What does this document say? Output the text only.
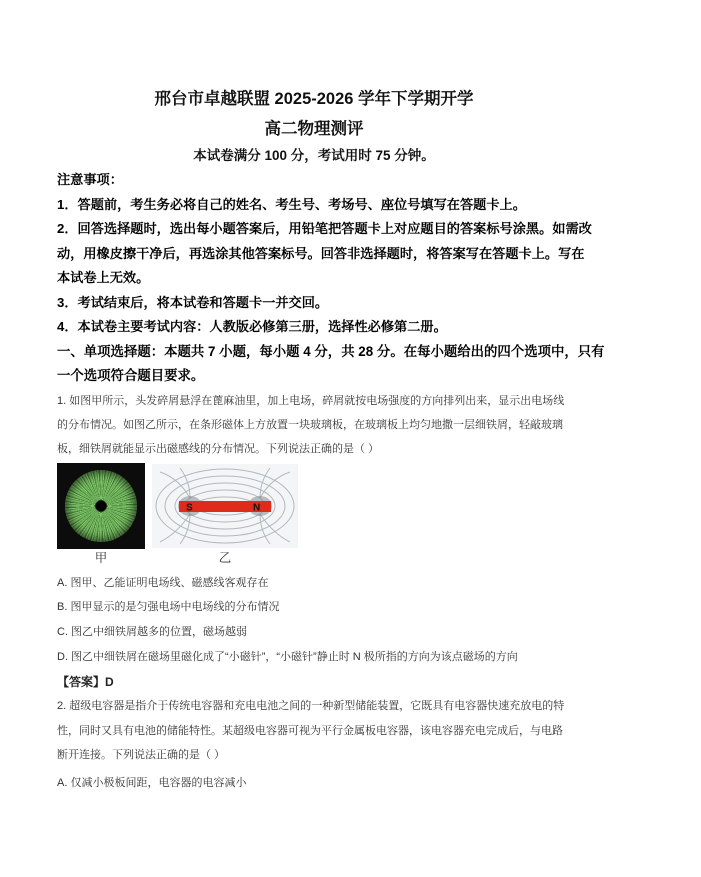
邢台市卓越联盟 2025-2026 学年下学期开学
高二物理测评
本试卷满分 100 分，考试用时 75 分钟。
注意事项：
1．答题前，考生务必将自己的姓名、考生号、考场号、座位号填写在答题卡上。
2．回答选择题时，选出每小题答案后，用铅笔把答题卡上对应题目的答案标号涂黑。如需改
动，用橡皮擦干净后，再选涂其他答案标号。回答非选择题时，将答案写在答题卡上。写在
本试卷上无效。
3．考试结束后，将本试卷和答题卡一并交回。
4．本试卷主要考试内容：人教版必修第三册，选择性必修第二册。
一、单项选择题：本题共 7 小题，每小题 4 分，共 28 分。在每小题给出的四个选项中，只有
一个选项符合题目要求。
1. 如图甲所示，头发碎屑悬浮在蓖麻油里，加上电场，碎屑就按电场强度的方向排列出来，显示出电场线
的分布情况。如图乙所示，在条形磁体上方放置一块玻璃板，在玻璃板上均匀地撒一层细铁屑，轻敲玻璃
板，细铁屑就能显示出磁感线的分布情况。下列说法正确的是（ ）
S	N
甲	乙
A. 图甲、乙能证明电场线、磁感线客观存在
B. 图甲显示的是匀强电场中电场线的分布情况
C. 图乙中细铁屑越多的位置，磁场越弱
D. 图乙中细铁屑在磁场里磁化成了“小磁针”，“小磁针”静止时 N 极所指的方向为该点磁场的方向
【答案】D
2. 超级电容器是指介于传统电容器和充电电池之间的一种新型储能装置，它既具有电容器快速充放电的特
性，同时又具有电池的储能特性。某超级电容器可视为平行金属板电容器，该电容器充电完成后，与电路
断开连接。下列说法正确的是（ ）
A. 仅减小极板间距，电容器的电容减小
